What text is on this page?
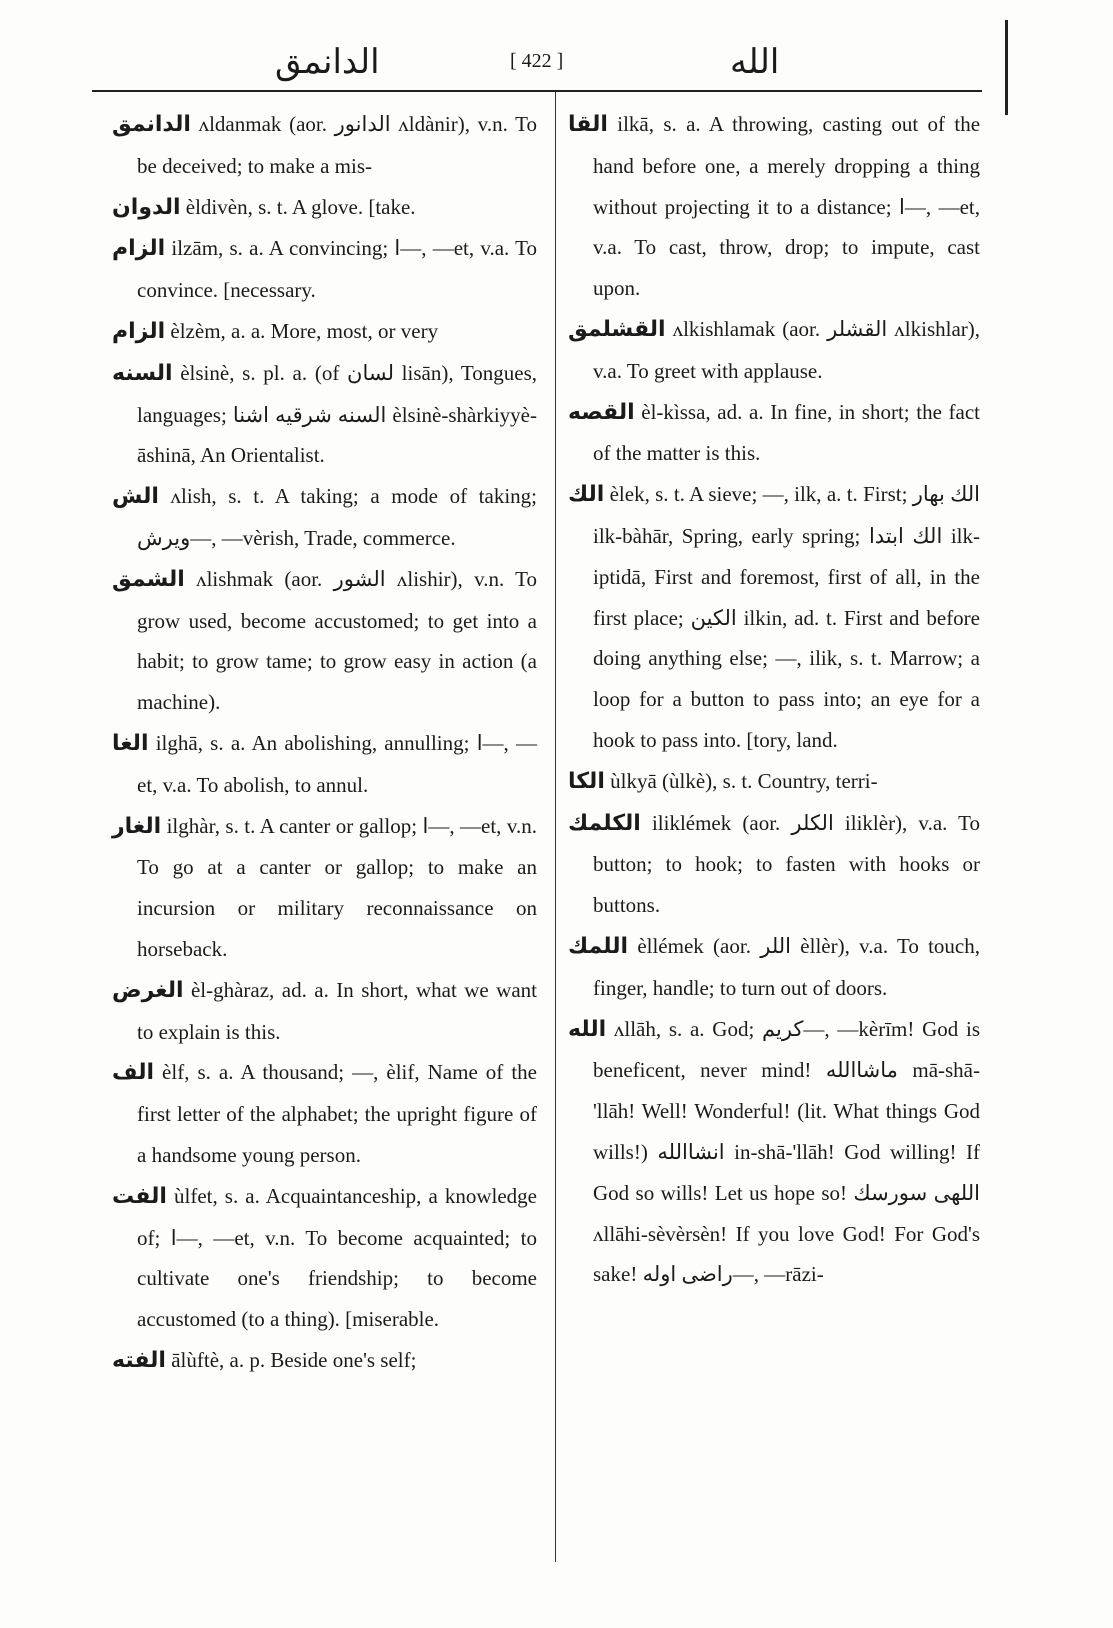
الدانمق	[ 422 ]	الله

الدانمق ʌldanmak (aor. الدانور ʌldànir), v.n. To be deceived; to make a mis-

الدوان èldivèn, s. t. A glove. [take.

الزام ilzām, s. a. A convincing; ا—, —et, v.a. To convince. [necessary.

الزام èlzèm, a. a. More, most, or very

السنه èlsinè, s. pl. a. (of لسان lisān), Tongues, languages; السنه شرقيه اشنا èlsinè-shàrkiyyè-āshinā, An Orientalist.

الش ʌlish, s. t. A taking; a mode of taking; ويرش—, —vèrish, Trade, commerce.

الشمق ʌlishmak (aor. الشور ʌlishir), v.n. To grow used, become accustomed; to get into a habit; to grow tame; to grow easy in action (a machine).

الغا ilghā, s. a. An abolishing, annulling; ا—, —et, v.a. To abolish, to annul.

الغار ilghàr, s. t. A canter or gallop; ا—, —et, v.n. To go at a canter or gallop; to make an incursion or military reconnaissance on horseback.

الغرض èl-ghàraz, ad. a. In short, what we want to explain is this.

الف èlf, s. a. A thousand; —, èlif, Name of the first letter of the alphabet; the upright figure of a handsome young person.

الفت ùlfet, s. a. Acquaintanceship, a knowledge of; ا—, —et, v.n. To become acquainted; to cultivate one's friendship; to become accustomed (to a thing). [miserable.

الفته ālùftè, a. p. Beside one's self;

القا ilkā, s. a. A throwing, casting out of the hand before one, a merely dropping a thing without projecting it to a distance; ا—, —et, v.a. To cast, throw, drop; to impute, cast upon.

القشلمق ʌlkishlamak (aor. القشلر ʌlkishlar), v.a. To greet with applause.

القصه èl-kìssa, ad. a. In fine, in short; the fact of the matter is this.

الك èlek, s. t. A sieve; —, ilk, a. t. First; الك بهار ilk-bàhār, Spring, early spring; الك ابتدا ilk-iptidā, First and foremost, first of all, in the first place; الكين ilkin, ad. t. First and before doing anything else; —, ilik, s. t. Marrow; a loop for a button to pass into; an eye for a hook to pass into. [tory, land.

الكا ùlkyā (ùlkè), s. t. Country, terri-

الكلمك iliklémek (aor. الكلر iliklèr), v.a. To button; to hook; to fasten with hooks or buttons.

اللمك èllémek (aor. اللر èllèr), v.a. To touch, finger, handle; to turn out of doors.

الله ʌllāh, s. a. God; كريم—, —kèrīm! God is beneficent, never mind! ماشاالله mā-shā-'llāh! Well! Wonderful! (lit. What things God wills!) انشاالله in-shā-'llāh! God willing! If God so wills! Let us hope so! اللهى سورسك ʌllāhi-sèvèrsèn! If you love God! For God's sake! راضى اوله—, —rāzi-
